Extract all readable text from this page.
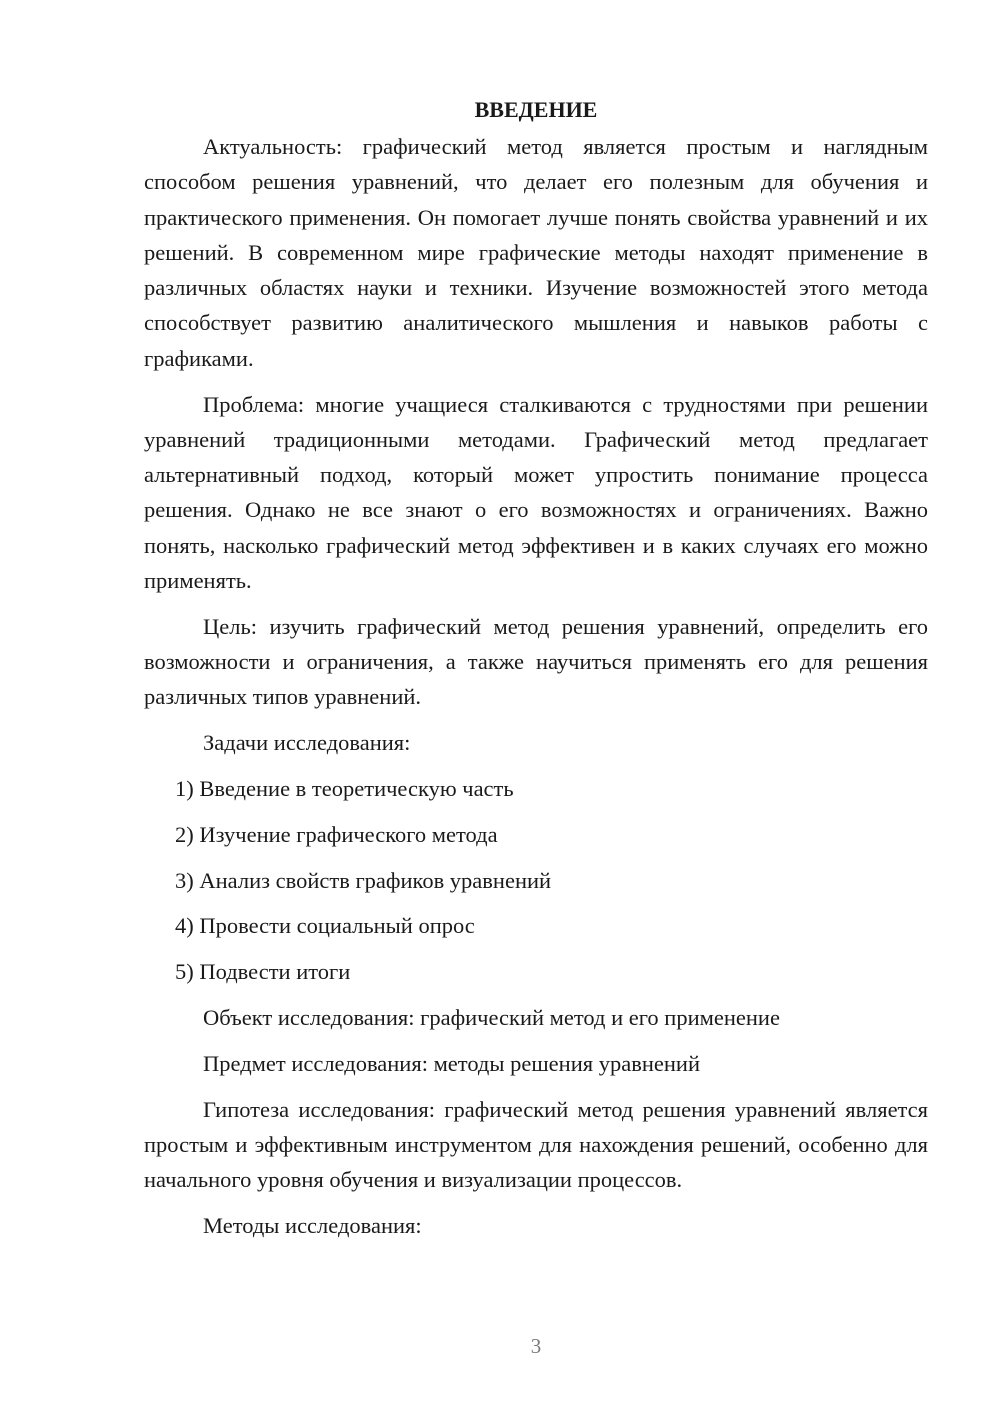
ВВЕДЕНИЕ

Актуальность: графический метод является простым и наглядным способом решения уравнений, что делает его полезным для обучения и практического применения. Он помогает лучше понять свойства уравнений и их решений. В современном мире графические методы находят применение в различных областях науки и техники. Изучение возможностей этого метода способствует развитию аналитического мышления и навыков работы с графиками.

Проблема: многие учащиеся сталкиваются с трудностями при решении уравнений традиционными методами. Графический метод предлагает альтернативный подход, который может упростить понимание процесса решения. Однако не все знают о его возможностях и ограничениях. Важно понять, насколько графический метод эффективен и в каких случаях его можно применять.

Цель: изучить графический метод решения уравнений, определить его возможности и ограничения, а также научиться применять его для решения различных типов уравнений.

Задачи исследования:
1) Введение в теоретическую часть
2) Изучение графического метода
3) Анализ свойств графиков уравнений
4) Провести социальный опрос
5) Подвести итоги
Объект исследования: графический метод и его применение
Предмет исследования: методы решения уравнений

Гипотеза исследования: графический метод решения уравнений является простым и эффективным инструментом для нахождения решений, особенно для начального уровня обучения и визуализации процессов.

Методы исследования:
3
